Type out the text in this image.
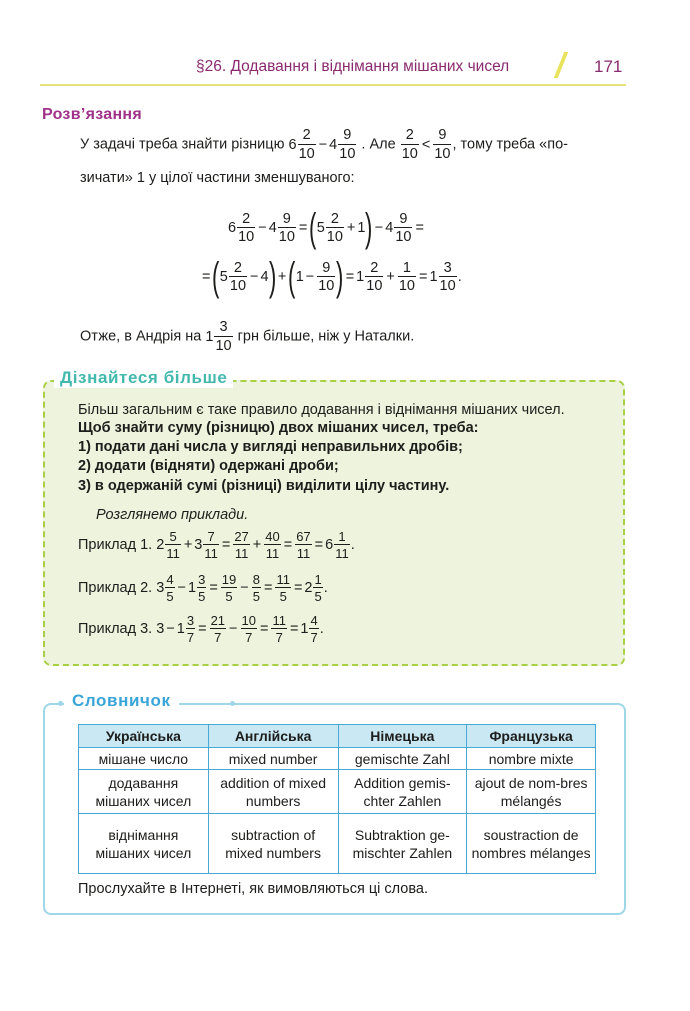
§26. Додавання і віднімання мішаних чисел	171
Розв’язання
У задачі треба знайти різницю $6 \frac{2}{10} - 4 \frac{9}{10}$ . Але $\frac{2}{10} < \frac{9}{10}$ , тому треба «по-
зичати» 1 у цілої частини зменшуваного:
$6 \frac{2}{10} - 4 \frac{9}{10} =(5 \frac{2}{10} + 1) - 4 \frac{9}{10}$ =
$=(5 \frac{2}{10} - 4) +(1 - \frac{9}{10}$ ) = $1 \frac{2}{10} + \frac{1}{10} = 1 \frac{3}{10}$ .
Отже, в Андрія на $1 \frac{3}{10}$ грн більше, ніж у Наталки.
Дізнайтеся більше
Більш загальним є таке правило додавання і віднімання мішаних чисел.
Щоб знайти суму (різницю) двох мішаних чисел, треба:
1) подати дані числа у вигляді неправильних дробів;
2) додати (відняти) одержані дроби;
3) в одержаній сумі (різниці) виділити цілу частину.
Розглянемо приклади.
Приклад 1. $2 \frac{5}{11} + 3 \frac{7}{11} = \frac{27}{11} + \frac{40}{11} = \frac{67}{11} = 6 \frac{1}{11}$ .
Приклад 2. $3 \frac{4}{5} - 1 \frac{3}{5} = \frac{19}{5} - \frac{8}{5} = \frac{11}{5} = 2 \frac{1}{5}$ .
Приклад 3. $3 - 1 \frac{3}{7} = \frac{21}{7} - \frac{10}{7} = \frac{11}{7} = 1 \frac{4}{7}$ .
Словничок
Українська	Англійська	Німецька	Французька
мішане число	mixed number	gemischte Zahl	nombre mixte
додавання мішаних чисел	addition of mixed numbers	Addition gemis-chter Zahlen	ajout de nom-bres mélangés
віднімання мішаних чисел	subtraction of mixed numbers	Subtraktion ge-mischter Zahlen	soustraction de nombres mélanges
Прослухайте в Інтернеті, як вимовляються ці слова.
